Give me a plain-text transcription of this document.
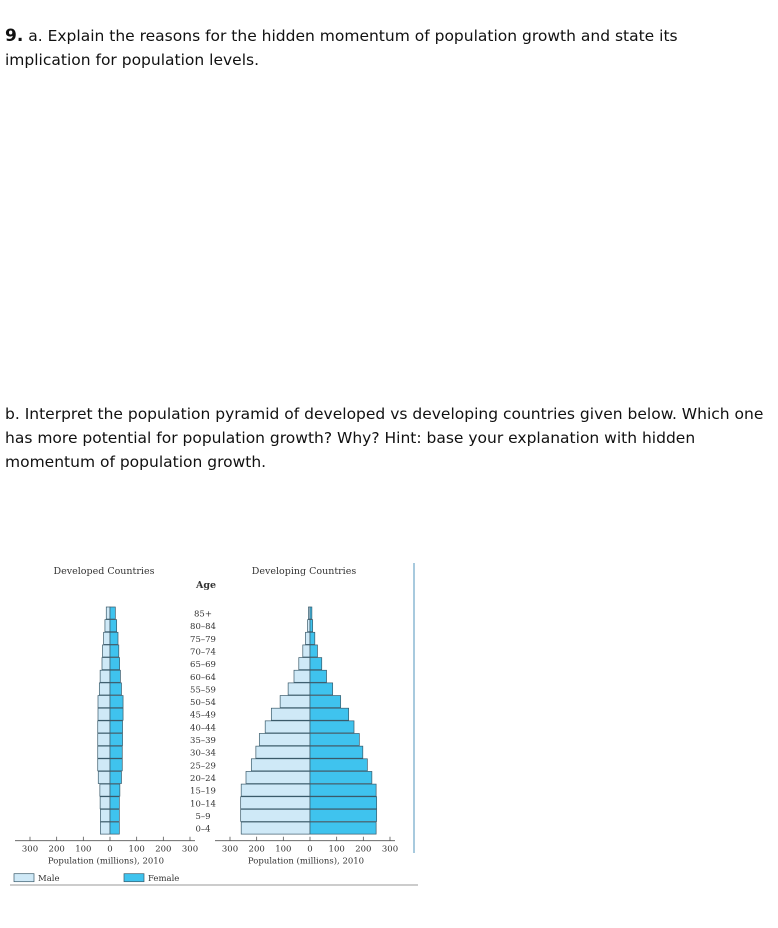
9. a. Explain the reasons for the hidden momentum of population growth and state its implication for population levels.
b. Interpret the population pyramid of developed vs developing countries given below. Which one has more potential for population growth? Why? Hint: base your explanation with hidden momentum of population growth.
Developed Countries
300 200 100 0 100 200 300
Population (millions), 2010
Developing Countries
300 200 100 0 100 200 300
Population (millions), 2010
Age
85+
80–84
75–79
70–74
65–69
60–64
55–59
50–54
45–49
40–44
35–39
30–34
25–29
20–24
15–19
10–14
5–9
0–4
Male	Female
